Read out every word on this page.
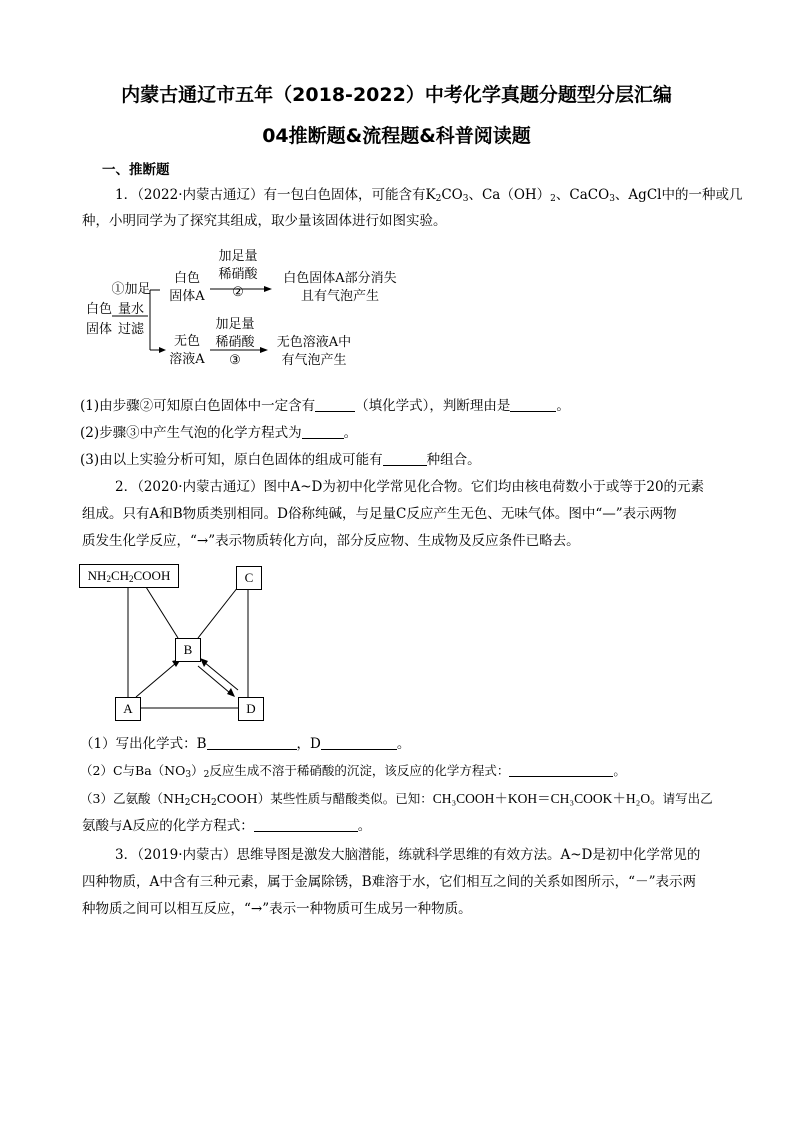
内蒙古通辽市五年（2018-2022）中考化学真题分题型分层汇编
04推断题&流程题&科普阅读题
一、推断题
1．（2022·内蒙古通辽）有一包白色固体，可能含有$K_2CO_3$、$Ca(OH)_2$、CaCO$_3$、AgCl中的一种或几
种，小明同学为了探究其组成，取少量该固体进行如图实验。
白色
固体
①加足
量水
过滤
白色
固体A
加足量
稀硝酸
②
白色固体A部分消失
且有气泡产生
无色
溶液A
加足量
稀硝酸
③
无色溶液A中
有气泡产生
(1)由步骤②可知原白色固体中一定含有	（填化学式），判断理由是	。
(2)步骤③中产生气泡的化学方程式为	。
(3)由以上实验分析可知，原白色固体的组成可能有	种组合。
2．（2020·内蒙古通辽）图中A~D为初中化学常见化合物。它们均由核电荷数小于或等于20的元素
组成。只有A和B物质类别相同。D俗称纯碱，与足量C反应产生无色、无味气体。图中“—”表示两物
质发生化学反应，“→”表示物质转化方向，部分反应物、生成物及反应条件已略去。
$NH_2CH_2COOH$	C
B
A	D
（1）写出化学式：B	，D	。
（2）C与$Ba(NO_3)_2$反应生成不溶于稀硝酸的沉淀，该反应的化学方程式：	。
（3）乙氨酸$(NH_2CH_2COOH)$某些性质与醋酸类似。已知：CH₃COOH＋KOH＝CH₃COOK＋H₂O。请写出乙
氨酸与A反应的化学方程式：	。
3．（2019·内蒙古）思维导图是激发大脑潜能，练就科学思维的有效方法。A~D是初中化学常见的
四种物质，A中含有三种元素，属于金属除锈，B难溶于水，它们相互之间的关系如图所示，“－”表示两
种物质之间可以相互反应，“→”表示一种物质可生成另一种物质。
